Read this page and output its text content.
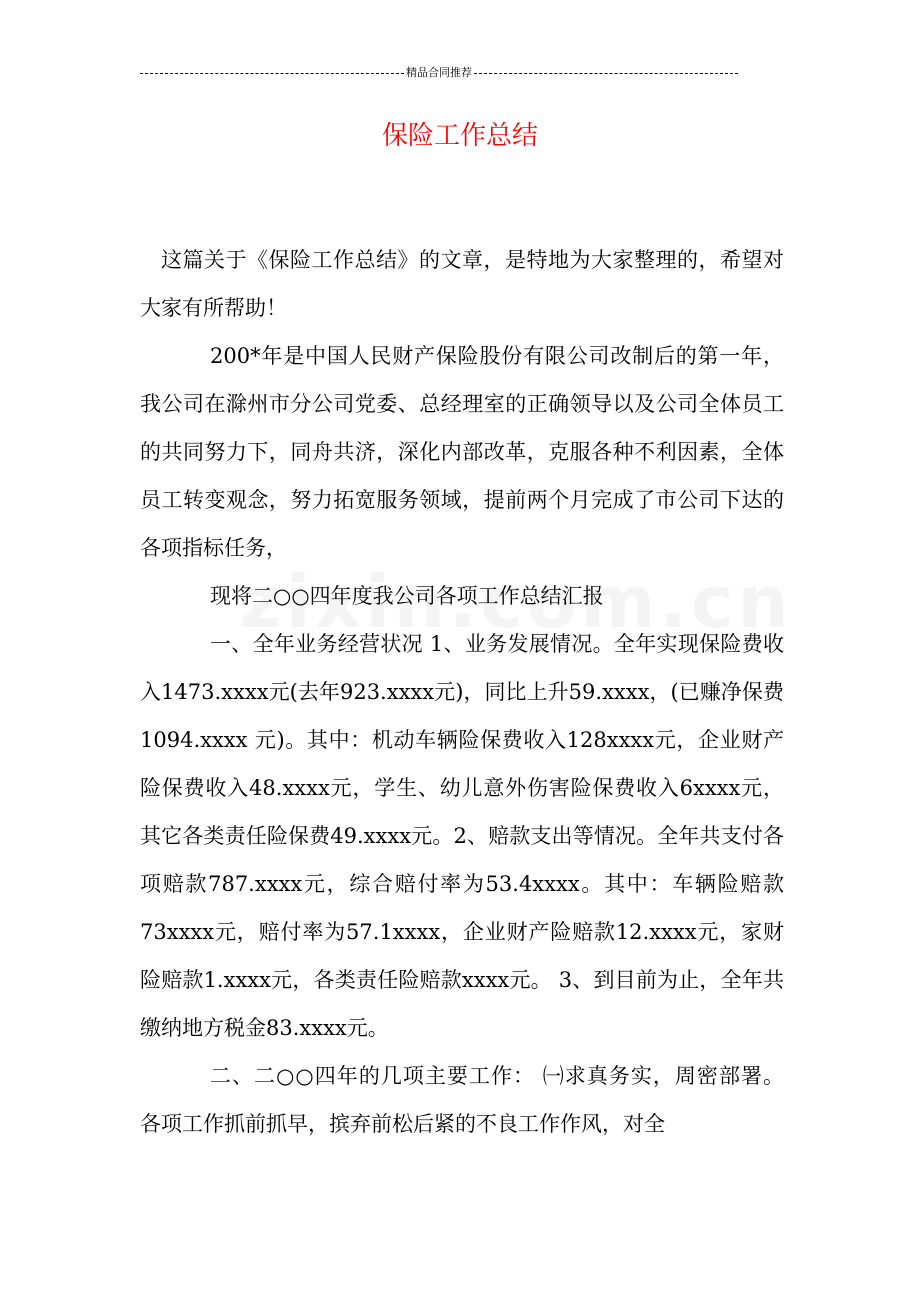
精品合同推荐
保险工作总结

这篇关于《保险工作总结》的文章，是特地为大家整理的，希望对大家有所帮助！

200*年是中国人民财产保险股份有限公司改制后的第一年，我公司在滁州市分公司党委、总经理室的正确领导以及公司全体员工的共同努力下，同舟共济，深化内部改革，克服各种不利因素，全体员工转变观念，努力拓宽服务领域，提前两个月完成了市公司下达的各项指标任务，

现将二○○四年度我公司各项工作总结汇报

一、全年业务经营状况 1、业务发展情况。全年实现保险费收入1473.xxxx元(去年923.xxxx元)，同比上升59.xxxx，(已赚净保费 1094.xxxx 元)。其中：机动车辆险保费收入128xxxx元，企业财产险保费收入48.xxxx元，学生、幼儿意外伤害险保费收入6xxxx元，其它各类责任险保费49.xxxx元。2、赔款支出等情况。全年共支付各项赔款787.xxxx元，综合赔付率为53.4xxxx。其中：车辆险赔款73xxxx元，赔付率为57.1xxxx，企业财产险赔款12.xxxx元，家财险赔款1.xxxx元，各类责任险赔款xxxx元。 3、到目前为止，全年共缴纳地方税金83.xxxx元。

二、二○○四年的几项主要工作： ㈠求真务实，周密部署。 各项工作抓前抓早，摈弃前松后紧的不良工作作风，对全
